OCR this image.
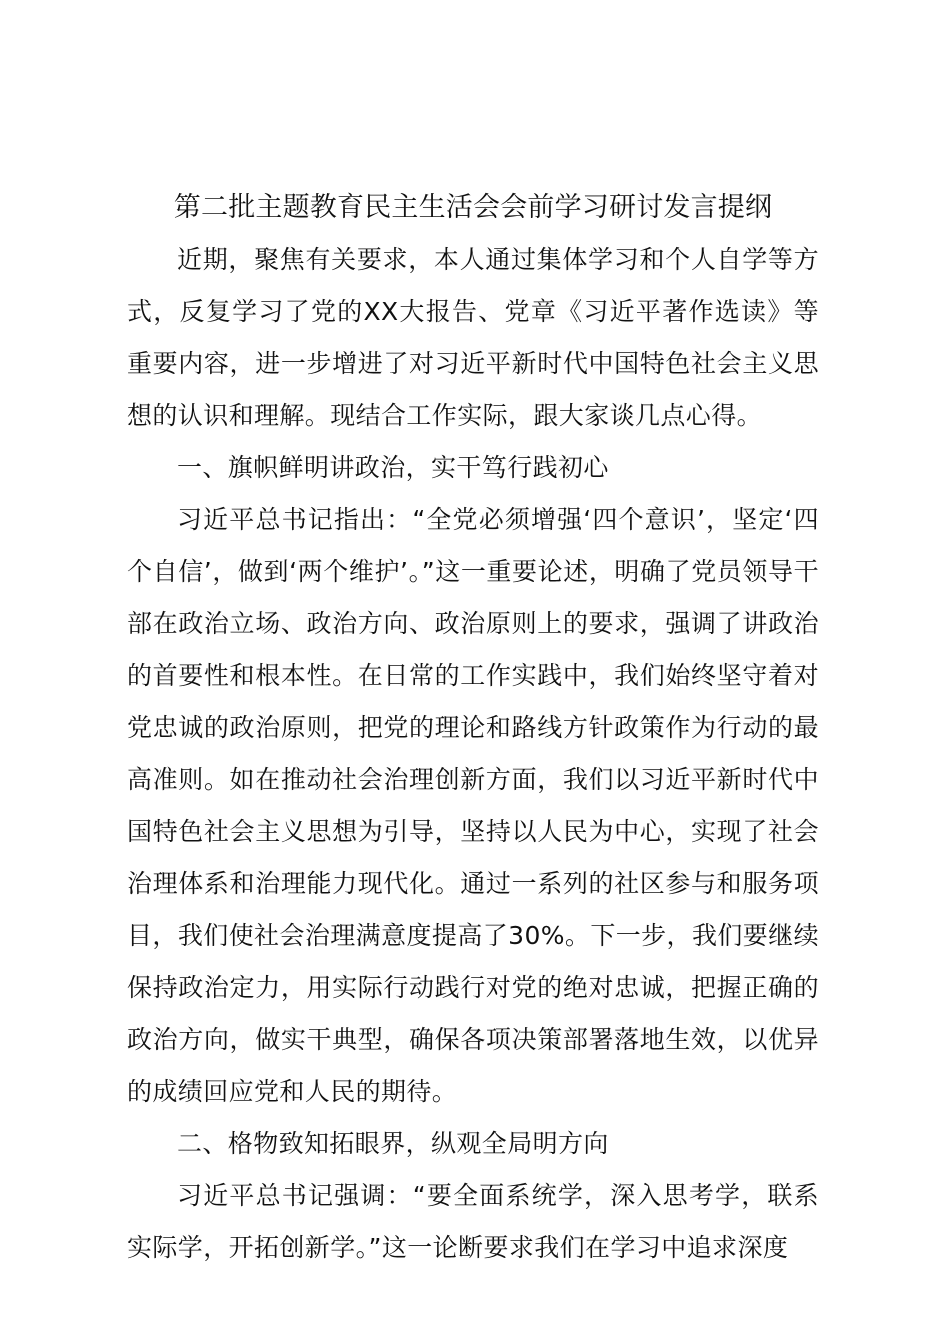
第二批主题教育民主生活会会前学习研讨发言提纲

近期，聚焦有关要求，本人通过集体学习和个人自学等方式，反复学习了党的XX大报告、党章《习近平著作选读》等重要内容，进一步增进了对习近平新时代中国特色社会主义思想的认识和理解。现结合工作实际，跟大家谈几点心得。

一、旗帜鲜明讲政治，实干笃行践初心

习近平总书记指出：“全党必须增强‘四个意识’，坚定‘四个自信’，做到‘两个维护’。”这一重要论述，明确了党员领导干部在政治立场、政治方向、政治原则上的要求，强调了讲政治的首要性和根本性。在日常的工作实践中，我们始终坚守着对党忠诚的政治原则，把党的理论和路线方针政策作为行动的最高准则。如在推动社会治理创新方面，我们以习近平新时代中国特色社会主义思想为引导，坚持以人民为中心，实现了社会治理体系和治理能力现代化。通过一系列的社区参与和服务项目，我们使社会治理满意度提高了30%。下一步，我们要继续保持政治定力，用实际行动践行对党的绝对忠诚，把握正确的政治方向，做实干典型，确保各项决策部署落地生效，以优异的成绩回应党和人民的期待。

二、格物致知拓眼界，纵观全局明方向

习近平总书记强调：“要全面系统学，深入思考学，联系实际学，开拓创新学。”这一论断要求我们在学习中追求深度
